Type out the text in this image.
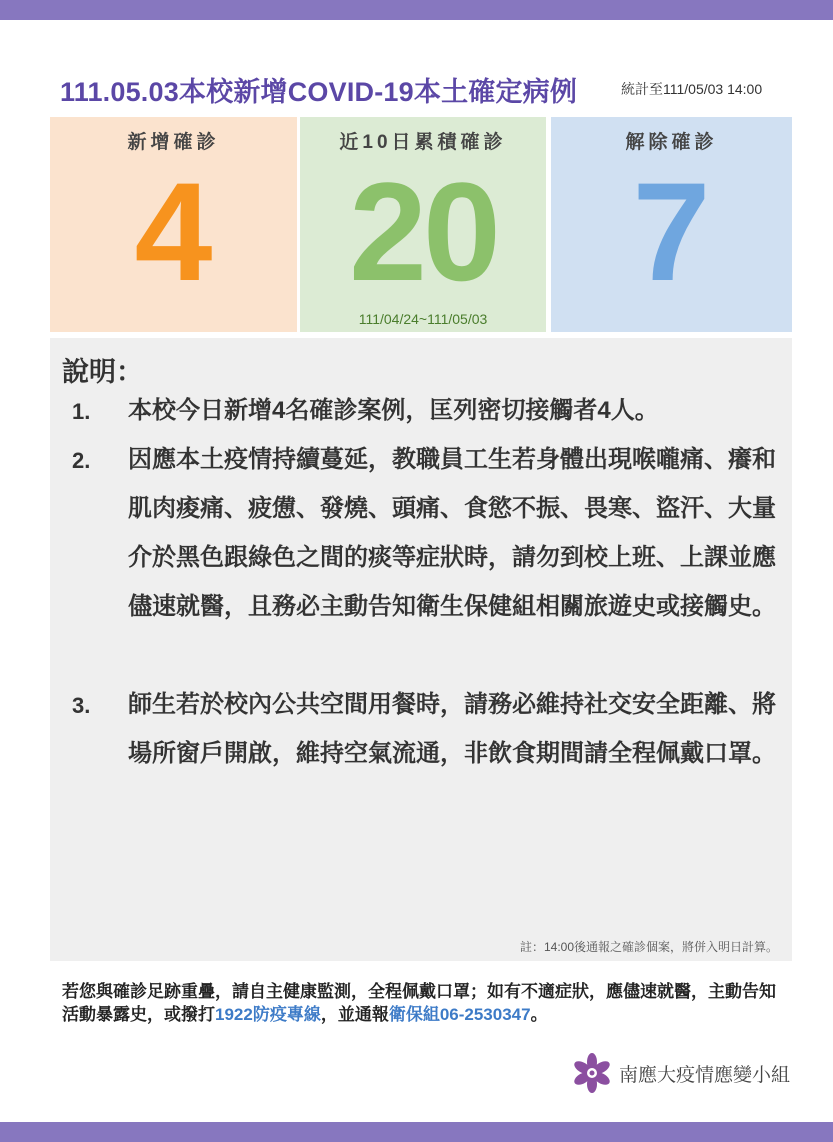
111.05.03本校新增COVID-19本土確定病例	統計至111/05/03 14:00
新增確診
4
近10日累積確診
20
111/04/24~111/05/03
解除確診
7
說明：
1. 本校今日新增4名確診案例，匡列密切接觸者4人。
2. 因應本土疫情持續蔓延，教職員工生若身體出現喉嚨痛、癢和肌肉痠痛、疲憊、發燒、頭痛、食慾不振、畏寒、盜汗、大量介於黑色跟綠色之間的痰等症狀時，請勿到校上班、上課並應儘速就醫，且務必主動告知衛生保健組相關旅遊史或接觸史。
3. 師生若於校內公共空間用餐時，請務必維持社交安全距離、將場所窗戶開啟，維持空氣流通，非飲食期間請全程佩戴口罩。
註：14:00後通報之確診個案，將併入明日計算。
若您與確診足跡重疊，請自主健康監測，全程佩戴口罩；如有不適症狀，應儘速就醫，主動告知活動暴露史，或撥打1922防疫專線，並通報衛保組06-2530347。
南應大疫情應變小組
